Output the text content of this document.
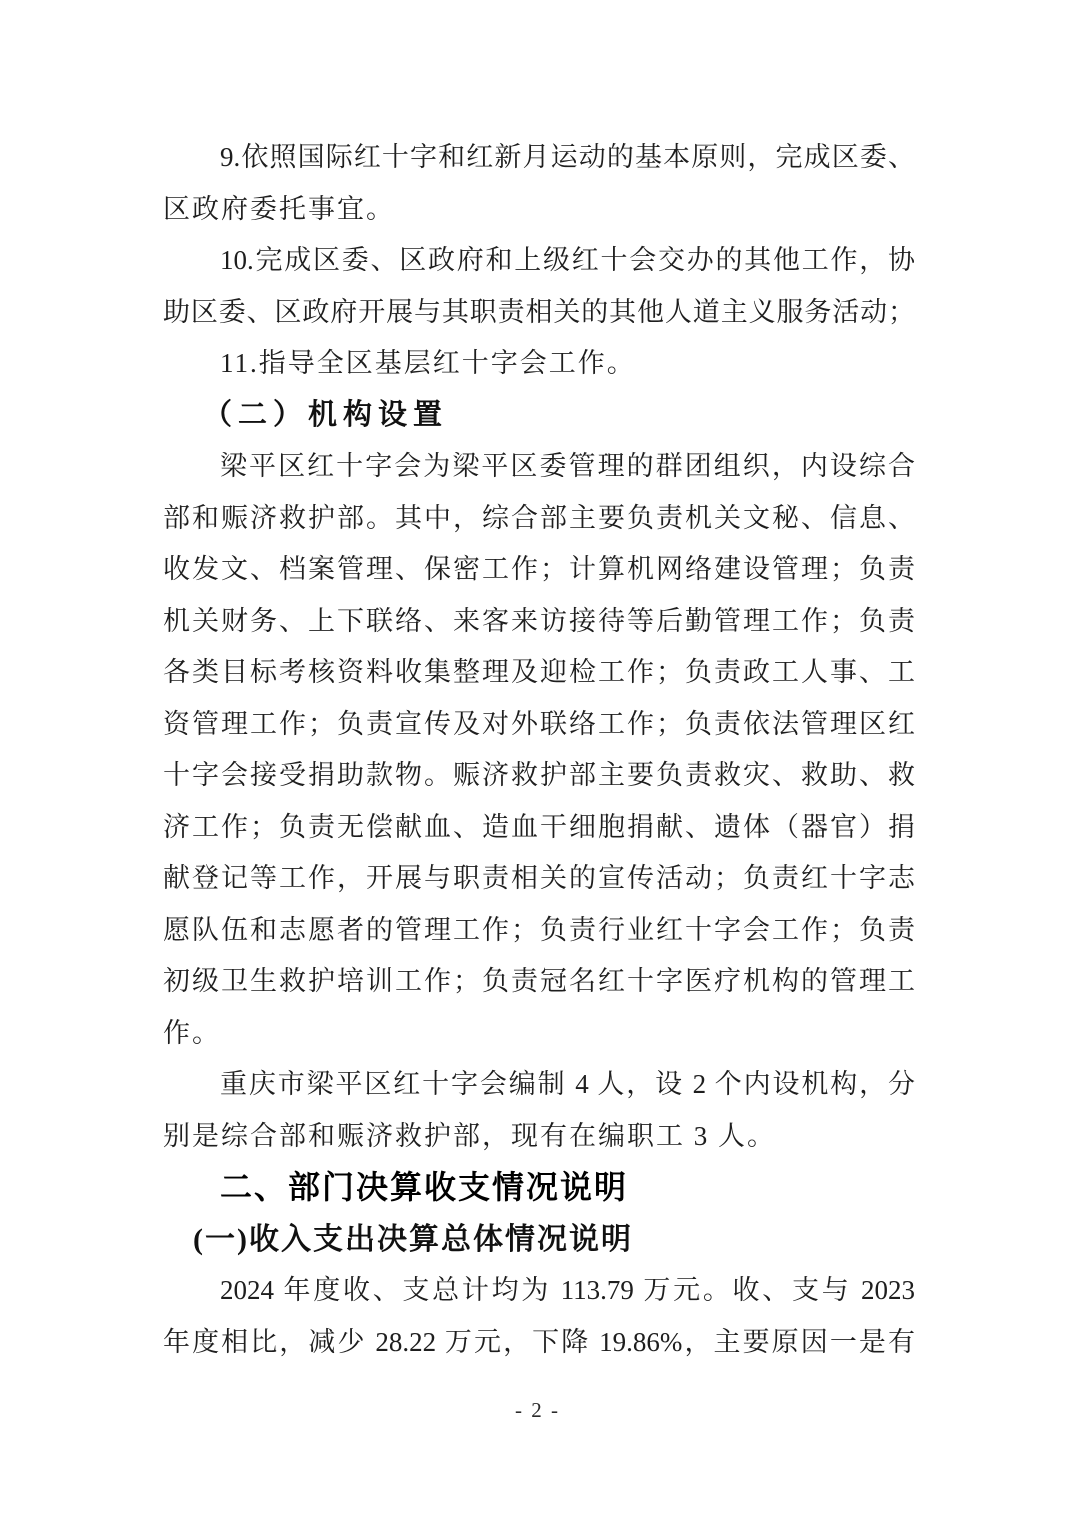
9.依照国际红十字和红新月运动的基本原则，完成区委、
区政府委托事宜。
10.完成区委、区政府和上级红十会交办的其他工作，协
助区委、区政府开展与其职责相关的其他人道主义服务活动；
11.指导全区基层红十字会工作。
（二）机构设置
梁平区红十字会为梁平区委管理的群团组织，内设综合
部和赈济救护部。其中，综合部主要负责机关文秘、信息、
收发文、档案管理、保密工作；计算机网络建设管理；负责
机关财务、上下联络、来客来访接待等后勤管理工作；负责
各类目标考核资料收集整理及迎检工作；负责政工人事、工
资管理工作；负责宣传及对外联络工作；负责依法管理区红
十字会接受捐助款物。赈济救护部主要负责救灾、救助、救
济工作；负责无偿献血、造血干细胞捐献、遗体（器官）捐
献登记等工作，开展与职责相关的宣传活动；负责红十字志
愿队伍和志愿者的管理工作；负责行业红十字会工作；负责
初级卫生救护培训工作；负责冠名红十字医疗机构的管理工
作。
重庆市梁平区红十字会编制 4 人，设 2 个内设机构，分
别是综合部和赈济救护部，现有在编职工 3 人。
二、部门决算收支情况说明
(一)收入支出决算总体情况说明
2024 年度收、支总计均为 113.79 万元。收、支与 2023
年度相比，减少 28.22 万元，下降 19.86%，主要原因一是有
- 2 -
